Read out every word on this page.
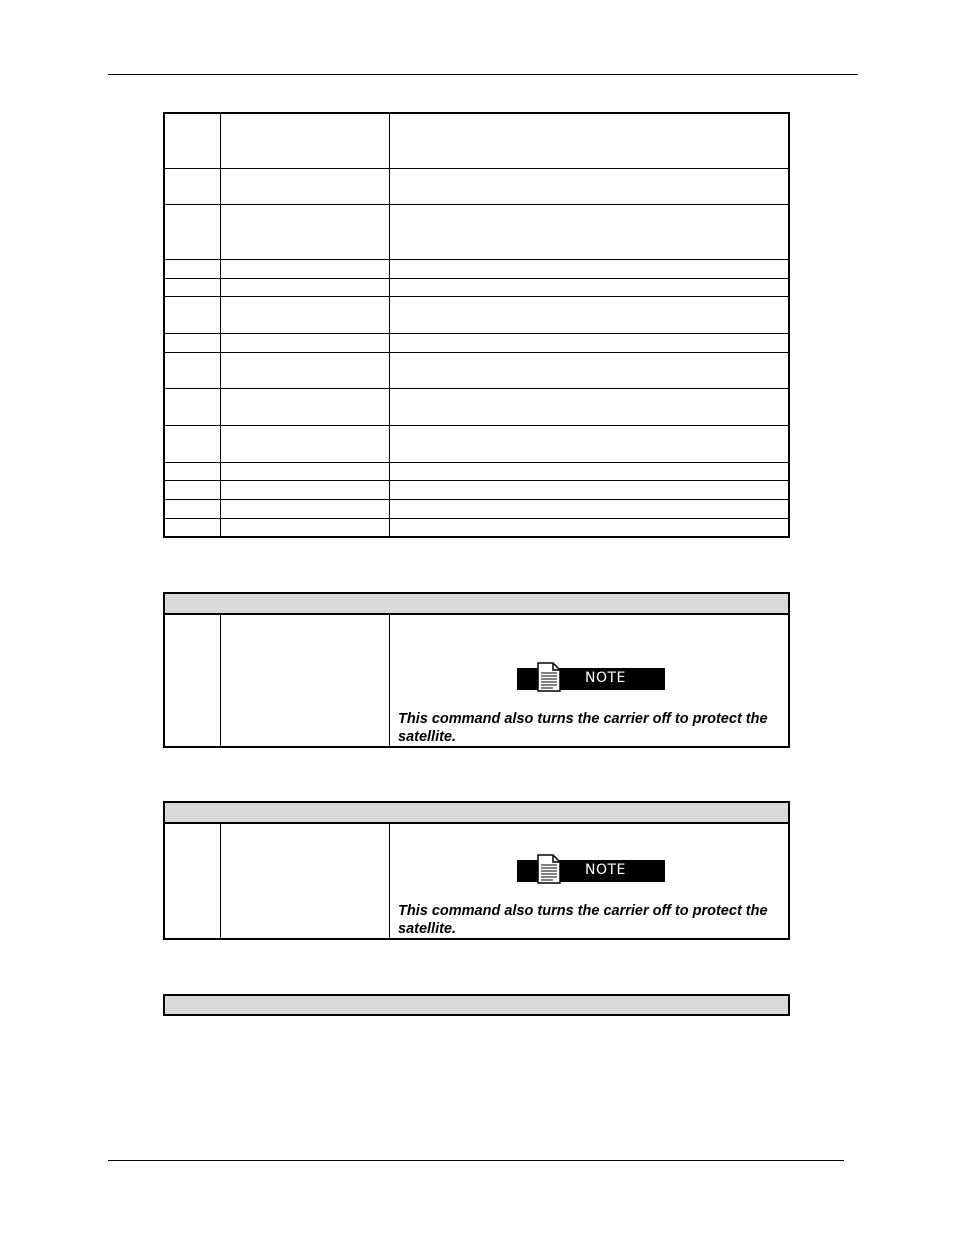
NOTE
This command also turns the carrier off to protect the satellite.
NOTE
This command also turns the carrier off to protect the satellite.
